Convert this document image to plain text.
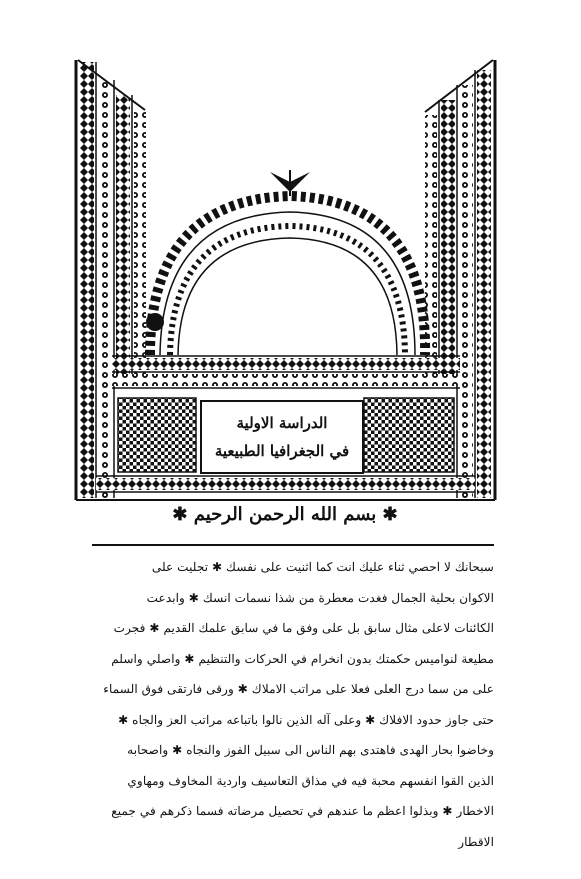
الدراسة الاولية
في الجغرافيا الطبيعية
✱ بسم الله الرحمن الرحيم ✱
سبحانك لا احصي ثناء عليك انت كما اثنيت على نفسك ✱ تجليت على
الاكوان بحلية الجمال فغدت معطرة من شذا نسمات انسك ✱ وابدعت
الكائنات لاعلى مثال سابق بل على وفق ما في سابق علمك القديم ✱ فجرت
مطيعة لنواميس حكمتك بدون انخرام في الحركات والتنظيم ✱ واصلي واسلم
على من سما درج العلى فعلا على مراتب الاملاك ✱ ورقى فارتقى فوق السماء
حتى جاوز حدود الافلاك ✱ وعلى آله الذين نالوا باتباعه مراتب العز والجاه ✱
وخاضوا بحار الهدى فاهتدى بهم الناس الى سبيل الفوز والنجاه ✱ واصحابه
الذين القوا انفسهم محبة فيه في مذاق التعاسيف واردية المخاوف ومهاوي
الاخطار ✱ وبذلوا اعظم ما عندهم في تحصيل مرضاته فسما ذكرهم في جميع
الاقطار
